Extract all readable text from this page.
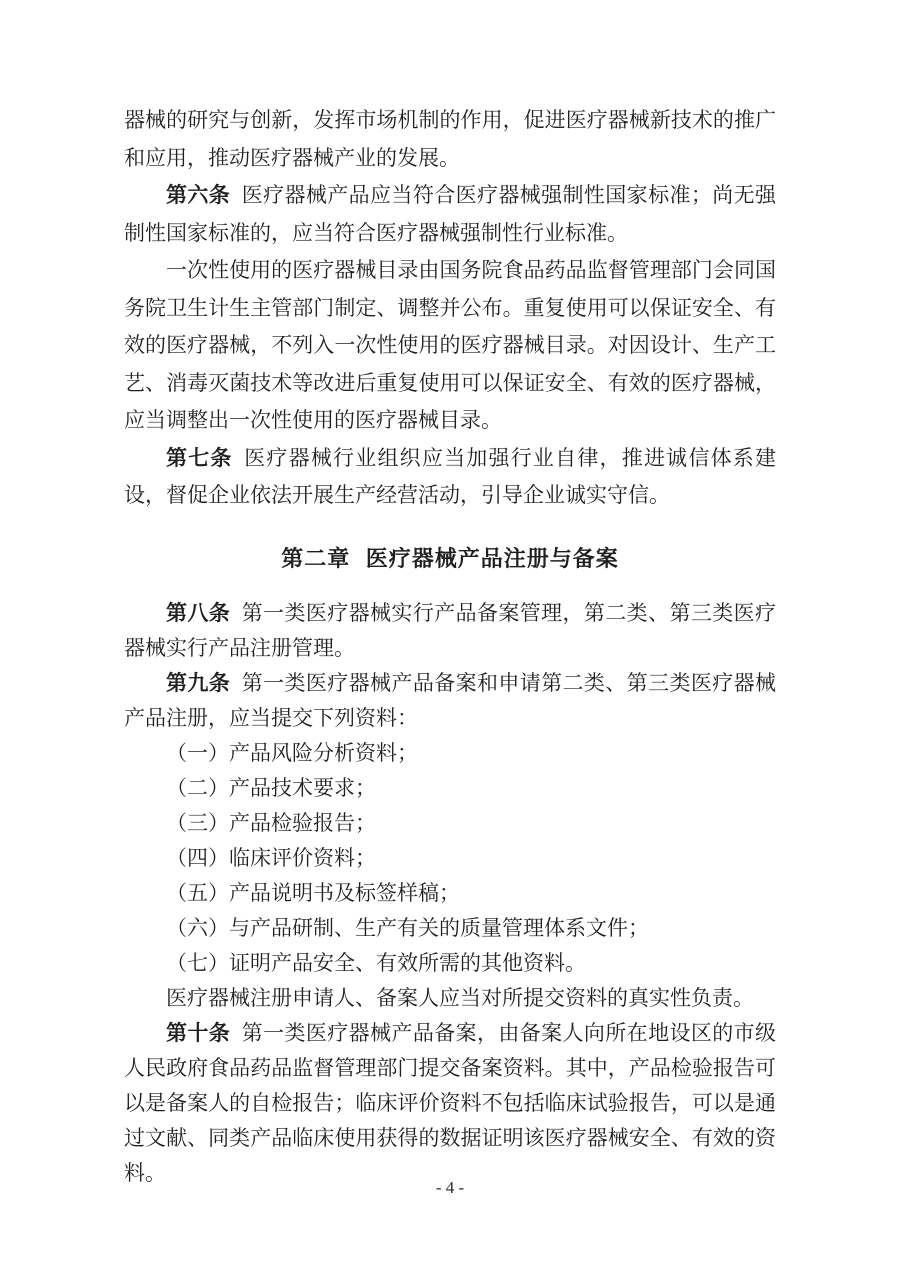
器械的研究与创新，发挥市场机制的作用，促进医疗器械新技术的推广和应用，推动医疗器械产业的发展。

第六条 医疗器械产品应当符合医疗器械强制性国家标准；尚无强制性国家标准的，应当符合医疗器械强制性行业标准。

一次性使用的医疗器械目录由国务院食品药品监督管理部门会同国务院卫生计生主管部门制定、调整并公布。重复使用可以保证安全、有效的医疗器械，不列入一次性使用的医疗器械目录。对因设计、生产工艺、消毒灭菌技术等改进后重复使用可以保证安全、有效的医疗器械，应当调整出一次性使用的医疗器械目录。

第七条 医疗器械行业组织应当加强行业自律，推进诚信体系建设，督促企业依法开展生产经营活动，引导企业诚实守信。

第二章 医疗器械产品注册与备案

第八条 第一类医疗器械实行产品备案管理，第二类、第三类医疗器械实行产品注册管理。

第九条 第一类医疗器械产品备案和申请第二类、第三类医疗器械产品注册，应当提交下列资料：

（一）产品风险分析资料；

（二）产品技术要求；

（三）产品检验报告；

（四）临床评价资料；

（五）产品说明书及标签样稿；

（六）与产品研制、生产有关的质量管理体系文件；

（七）证明产品安全、有效所需的其他资料。

医疗器械注册申请人、备案人应当对所提交资料的真实性负责。

第十条 第一类医疗器械产品备案，由备案人向所在地设区的市级人民政府食品药品监督管理部门提交备案资料。其中，产品检验报告可以是备案人的自检报告；临床评价资料不包括临床试验报告，可以是通过文献、同类产品临床使用获得的数据证明该医疗器械安全、有效的资料。

- 4 -
